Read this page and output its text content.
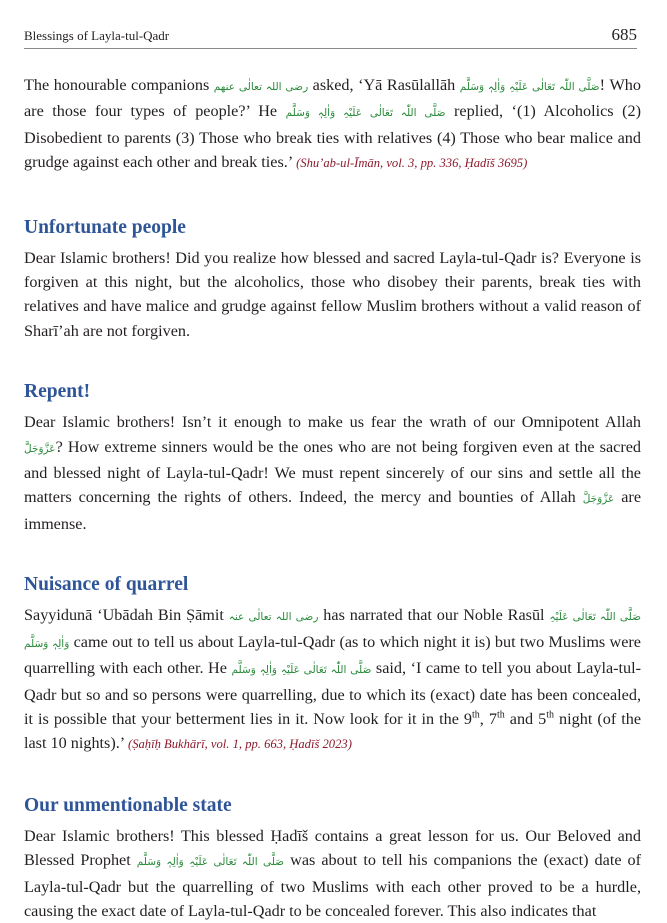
Blessings of Layla-tul-Qadr	685

The honourable companions رضی اللہ تعالٰی عنھم asked, ‘Yā Rasūlallāh صَلَّی اللّٰہ تَعَالٰی عَلَیْہِ وَاٰلِہٖ وَسَلَّم! Who are those four types of people?’ He صَلَّی اللّٰہ تَعَالٰی عَلَیْہِ وَاٰلِہٖ وَسَلَّم replied, ‘(1) Alcoholics (2) Disobedient to parents (3) Those who break ties with relatives (4) Those who bear malice and grudge against each other and break ties.’ (Shu’ab-ul-Īmān, vol. 3, pp. 336, Ḥadīš 3695)

Unfortunate people

Dear Islamic brothers! Did you realize how blessed and sacred Layla-tul-Qadr is? Everyone is forgiven at this night, but the alcoholics, those who disobey their parents, break ties with relatives and have malice and grudge against fellow Muslim brothers without a valid reason of Sharī’ah are not forgiven.

Repent!

Dear Islamic brothers! Isn’t it enough to make us fear the wrath of our Omnipotent Allah عَزَّوَجَلَّ? How extreme sinners would be the ones who are not being forgiven even at the sacred and blessed night of Layla-tul-Qadr! We must repent sincerely of our sins and settle all the matters concerning the rights of others. Indeed, the mercy and bounties of Allah عَزَّوَجَلَّ are immense.

Nuisance of quarrel

Sayyidunā ‘Ubādah Bin Ṣāmit رضی اللہ تعالٰی عنہ has narrated that our Noble Rasūl صَلَّی اللّٰہ تَعَالٰی عَلَیْہِ وَاٰلِہٖ وَسَلَّم came out to tell us about Layla-tul-Qadr (as to which night it is) but two Muslims were quarrelling with each other. He صَلَّی اللّٰہ تَعَالٰی عَلَیْہِ وَاٰلِہٖ وَسَلَّم said, ‘I came to tell you about Layla-tul-Qadr but so and so persons were quarrelling, due to which its (exact) date has been concealed, it is possible that your betterment lies in it. Now look for it in the 9th, 7th and 5th night (of the last 10 nights).’ (Ṣaḥīḥ Bukhārī, vol. 1, pp. 663, Ḥadīš 2023)

Our unmentionable state

Dear Islamic brothers! This blessed Ḥadīš contains a great lesson for us. Our Beloved and Blessed Prophet صَلَّی اللّٰہ تَعَالٰی عَلَیْہِ وَاٰلِہٖ وَسَلَّم was about to tell his companions the (exact) date of Layla-tul-Qadr but the quarrelling of two Muslims with each other proved to be a hurdle, causing the exact date of Layla-tul-Qadr to be concealed forever. This also indicates that
